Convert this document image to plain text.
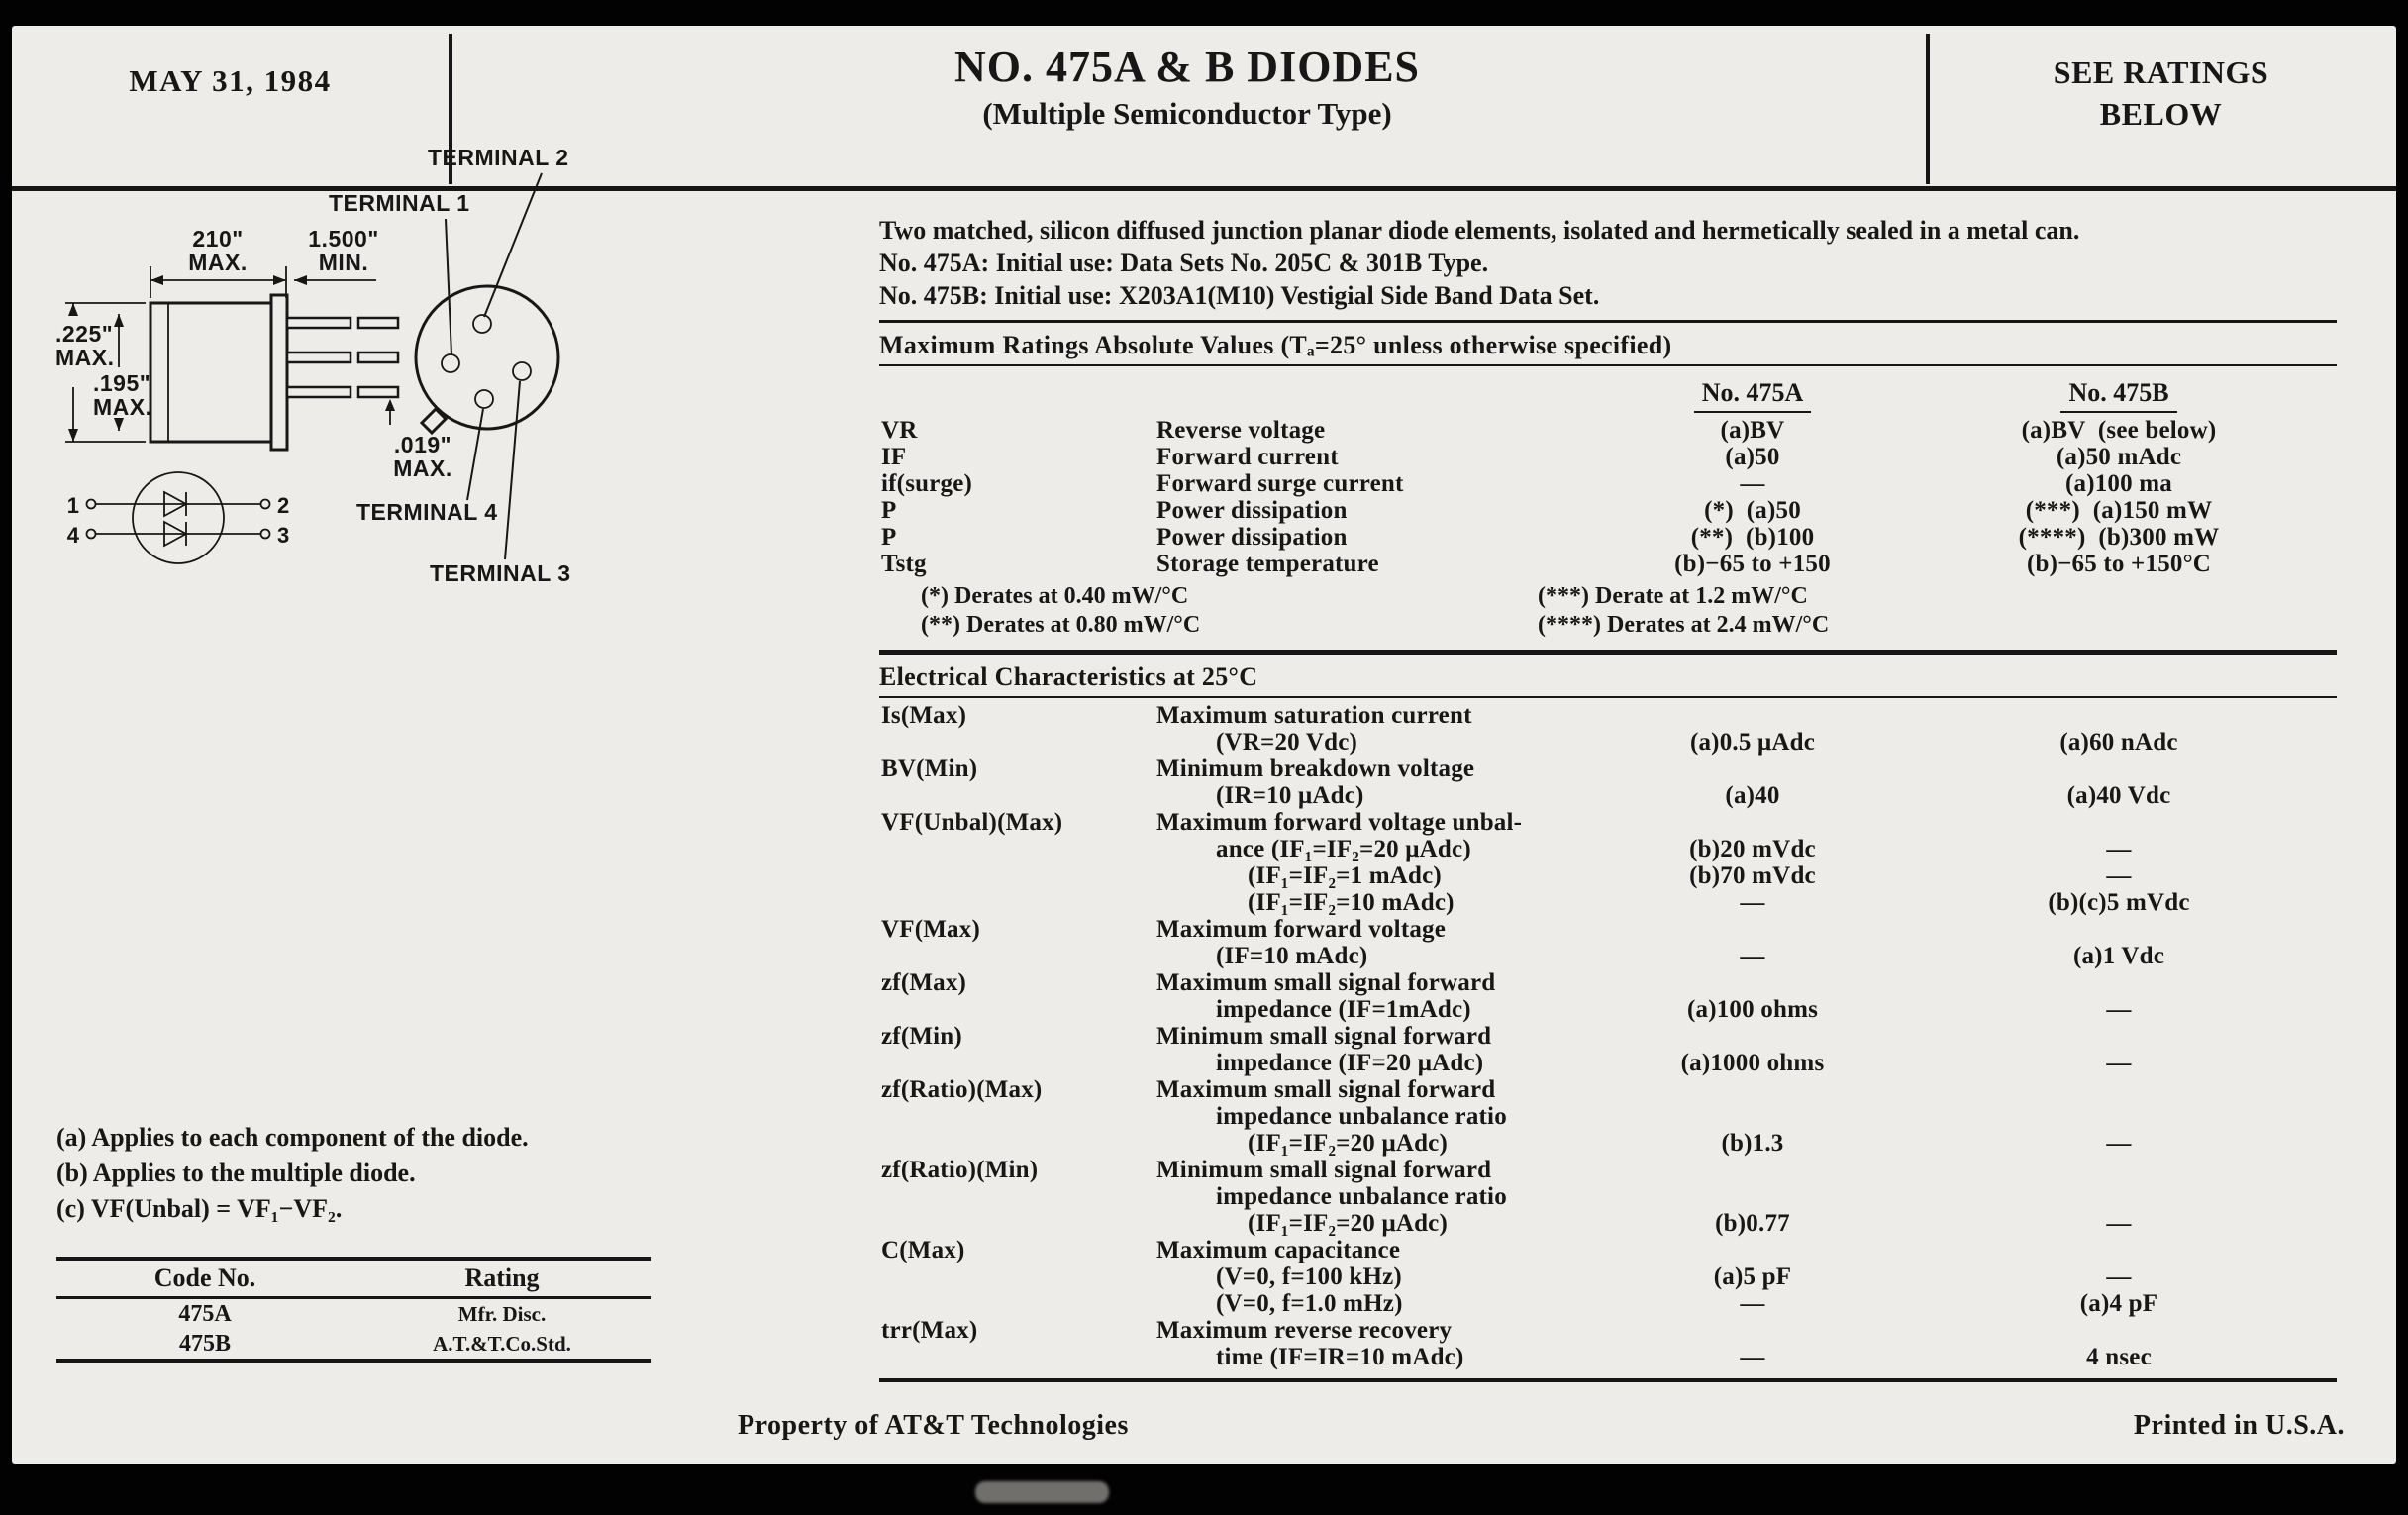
MAY 31, 1984	NO. 475A & B DIODES
(Multiple Semiconductor Type)
SEE RATINGS
BELOW
210"
MAX.
1.500"
MIN.
.225"
MAX.
.195"
MAX.
.019"
MAX.
TERMINAL 2
TERMINAL 1
TERMINAL 4
TERMINAL 3
1	2
4	3
(a) Applies to each component of the diode.
(b) Applies to the multiple diode.
(c) VF(Unbal) = VF₁−VF₂.
Code No.	Rating
475A	Mfr. Disc.
475B	A.T.&T.Co.Std.
Two matched, silicon diffused junction planar diode elements, isolated and hermetically sealed in a metal can.
No. 475A: Initial use: Data Sets No. 205C & 301B Type.
No. 475B: Initial use: X203A1(M10) Vestigial Side Band Data Set.
Maximum Ratings Absolute Values (Tₐ=25° unless otherwise specified)
No. 475A	No. 475B
VR	Reverse voltage	(a)BV	(a)BV  (see below)
IF	Forward current	(a)50	(a)50 mAdc
if(surge)	Forward surge current	—	(a)100 ma
P	Power dissipation	(*)  (a)50	(***)  (a)150 mW
P	Power dissipation	(**)  (b)100	(****)  (b)300 mW
Tstg	Storage temperature	(b)−65 to +150	(b)−65 to +150°C
(*) Derates at 0.40 mW/°C	(***) Derate at 1.2 mW/°C
(**) Derates at 0.80 mW/°C	(****) Derates at 2.4 mW/°C
Electrical Characteristics at 25°C
Is(Max)	Maximum saturation current
(VR=20 Vdc)	(a)0.5 μAdc	(a)60 nAdc
BV(Min)	Minimum breakdown voltage
(IR=10 μAdc)	(a)40	(a)40 Vdc
VF(Unbal)(Max)	Maximum forward voltage unbal-
ance (IF₁=IF₂=20 μAdc)	(b)20 mVdc	—
(IF₁=IF₂=1 mAdc)	(b)70 mVdc	—
(IF₁=IF₂=10 mAdc)	—	(b)(c)5 mVdc
VF(Max)	Maximum forward voltage
(IF=10 mAdc)	—	(a)1 Vdc
zf(Max)	Maximum small signal forward
impedance (IF=1mAdc)	(a)100 ohms	—
zf(Min)	Minimum small signal forward
impedance (IF=20 μAdc)	(a)1000 ohms	—
zf(Ratio)(Max)	Maximum small signal forward
impedance unbalance ratio
(IF₁=IF₂=20 μAdc)	(b)1.3	—
zf(Ratio)(Min)	Minimum small signal forward
impedance unbalance ratio
(IF₁=IF₂=20 μAdc)	(b)0.77	—
C(Max)	Maximum capacitance
(V=0, f=100 kHz)	(a)5 pF	—
(V=0, f=1.0 mHz)	—	(a)4 pF
trr(Max)	Maximum reverse recovery
time (IF=IR=10 mAdc)	—	4 nsec
Property of AT&T Technologies	Printed in U.S.A.
